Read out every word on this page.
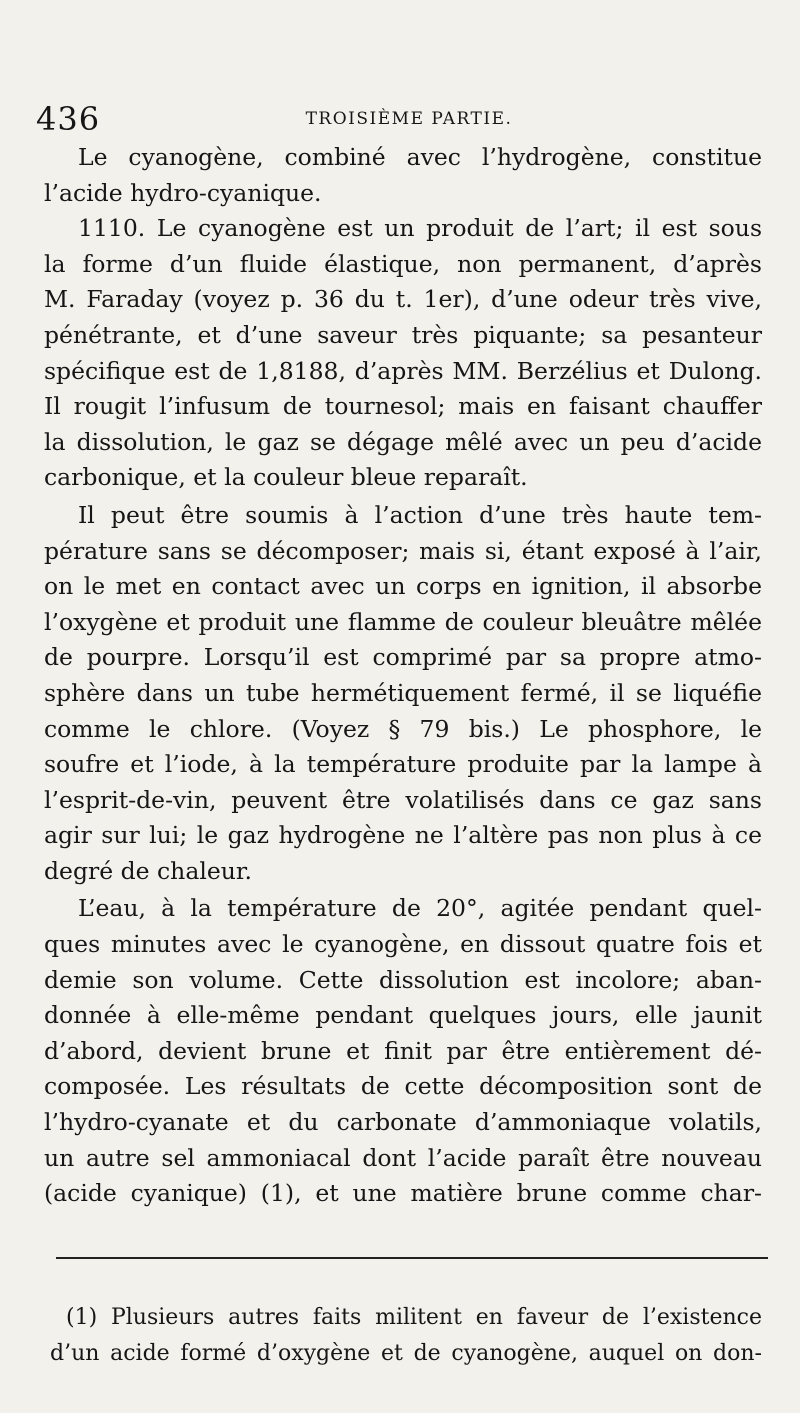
436	TROISIÈME PARTIE.
Le cyanogène, combiné avec l’hydrogène, constitue
l’acide hydro-cyanique.
1110. Le cyanogène est un produit de l’art; il est sous
la forme d’un fluide élastique, non permanent, d’après
M. Faraday (voyez p. 36 du t. 1er), d’une odeur très vive,
pénétrante, et d’une saveur très piquante; sa pesanteur
spécifique est de 1,8188, d’après MM. Berzélius et Dulong.
Il rougit l’infusum de tournesol; mais en faisant chauffer
la dissolution, le gaz se dégage mêlé avec un peu d’acide
carbonique, et la couleur bleue reparaît.
Il peut être soumis à l’action d’une très haute tem-
pérature sans se décomposer; mais si, étant exposé à l’air,
on le met en contact avec un corps en ignition, il absorbe
l’oxygène et produit une flamme de couleur bleuâtre mêlée
de pourpre. Lorsqu’il est comprimé par sa propre atmo-
sphère dans un tube hermétiquement fermé, il se liquéfie
comme le chlore. (Voyez § 79 bis.) Le phosphore, le
soufre et l’iode, à la température produite par la lampe à
l’esprit-de-vin, peuvent être volatilisés dans ce gaz sans
agir sur lui; le gaz hydrogène ne l’altère pas non plus à ce
degré de chaleur.
L’eau, à la température de 20°, agitée pendant quel-
ques minutes avec le cyanogène, en dissout quatre fois et
demie son volume. Cette dissolution est incolore; aban-
donnée à elle-même pendant quelques jours, elle jaunit
d’abord, devient brune et finit par être entièrement dé-
composée. Les résultats de cette décomposition sont de
l’hydro-cyanate et du carbonate d’ammoniaque volatils,
un autre sel ammoniacal dont l’acide paraît être nouveau
(acide cyanique) (1), et une matière brune comme char-
(1) Plusieurs autres faits militent en faveur de l’existence
d’un acide formé d’oxygène et de cyanogène, auquel on don-
